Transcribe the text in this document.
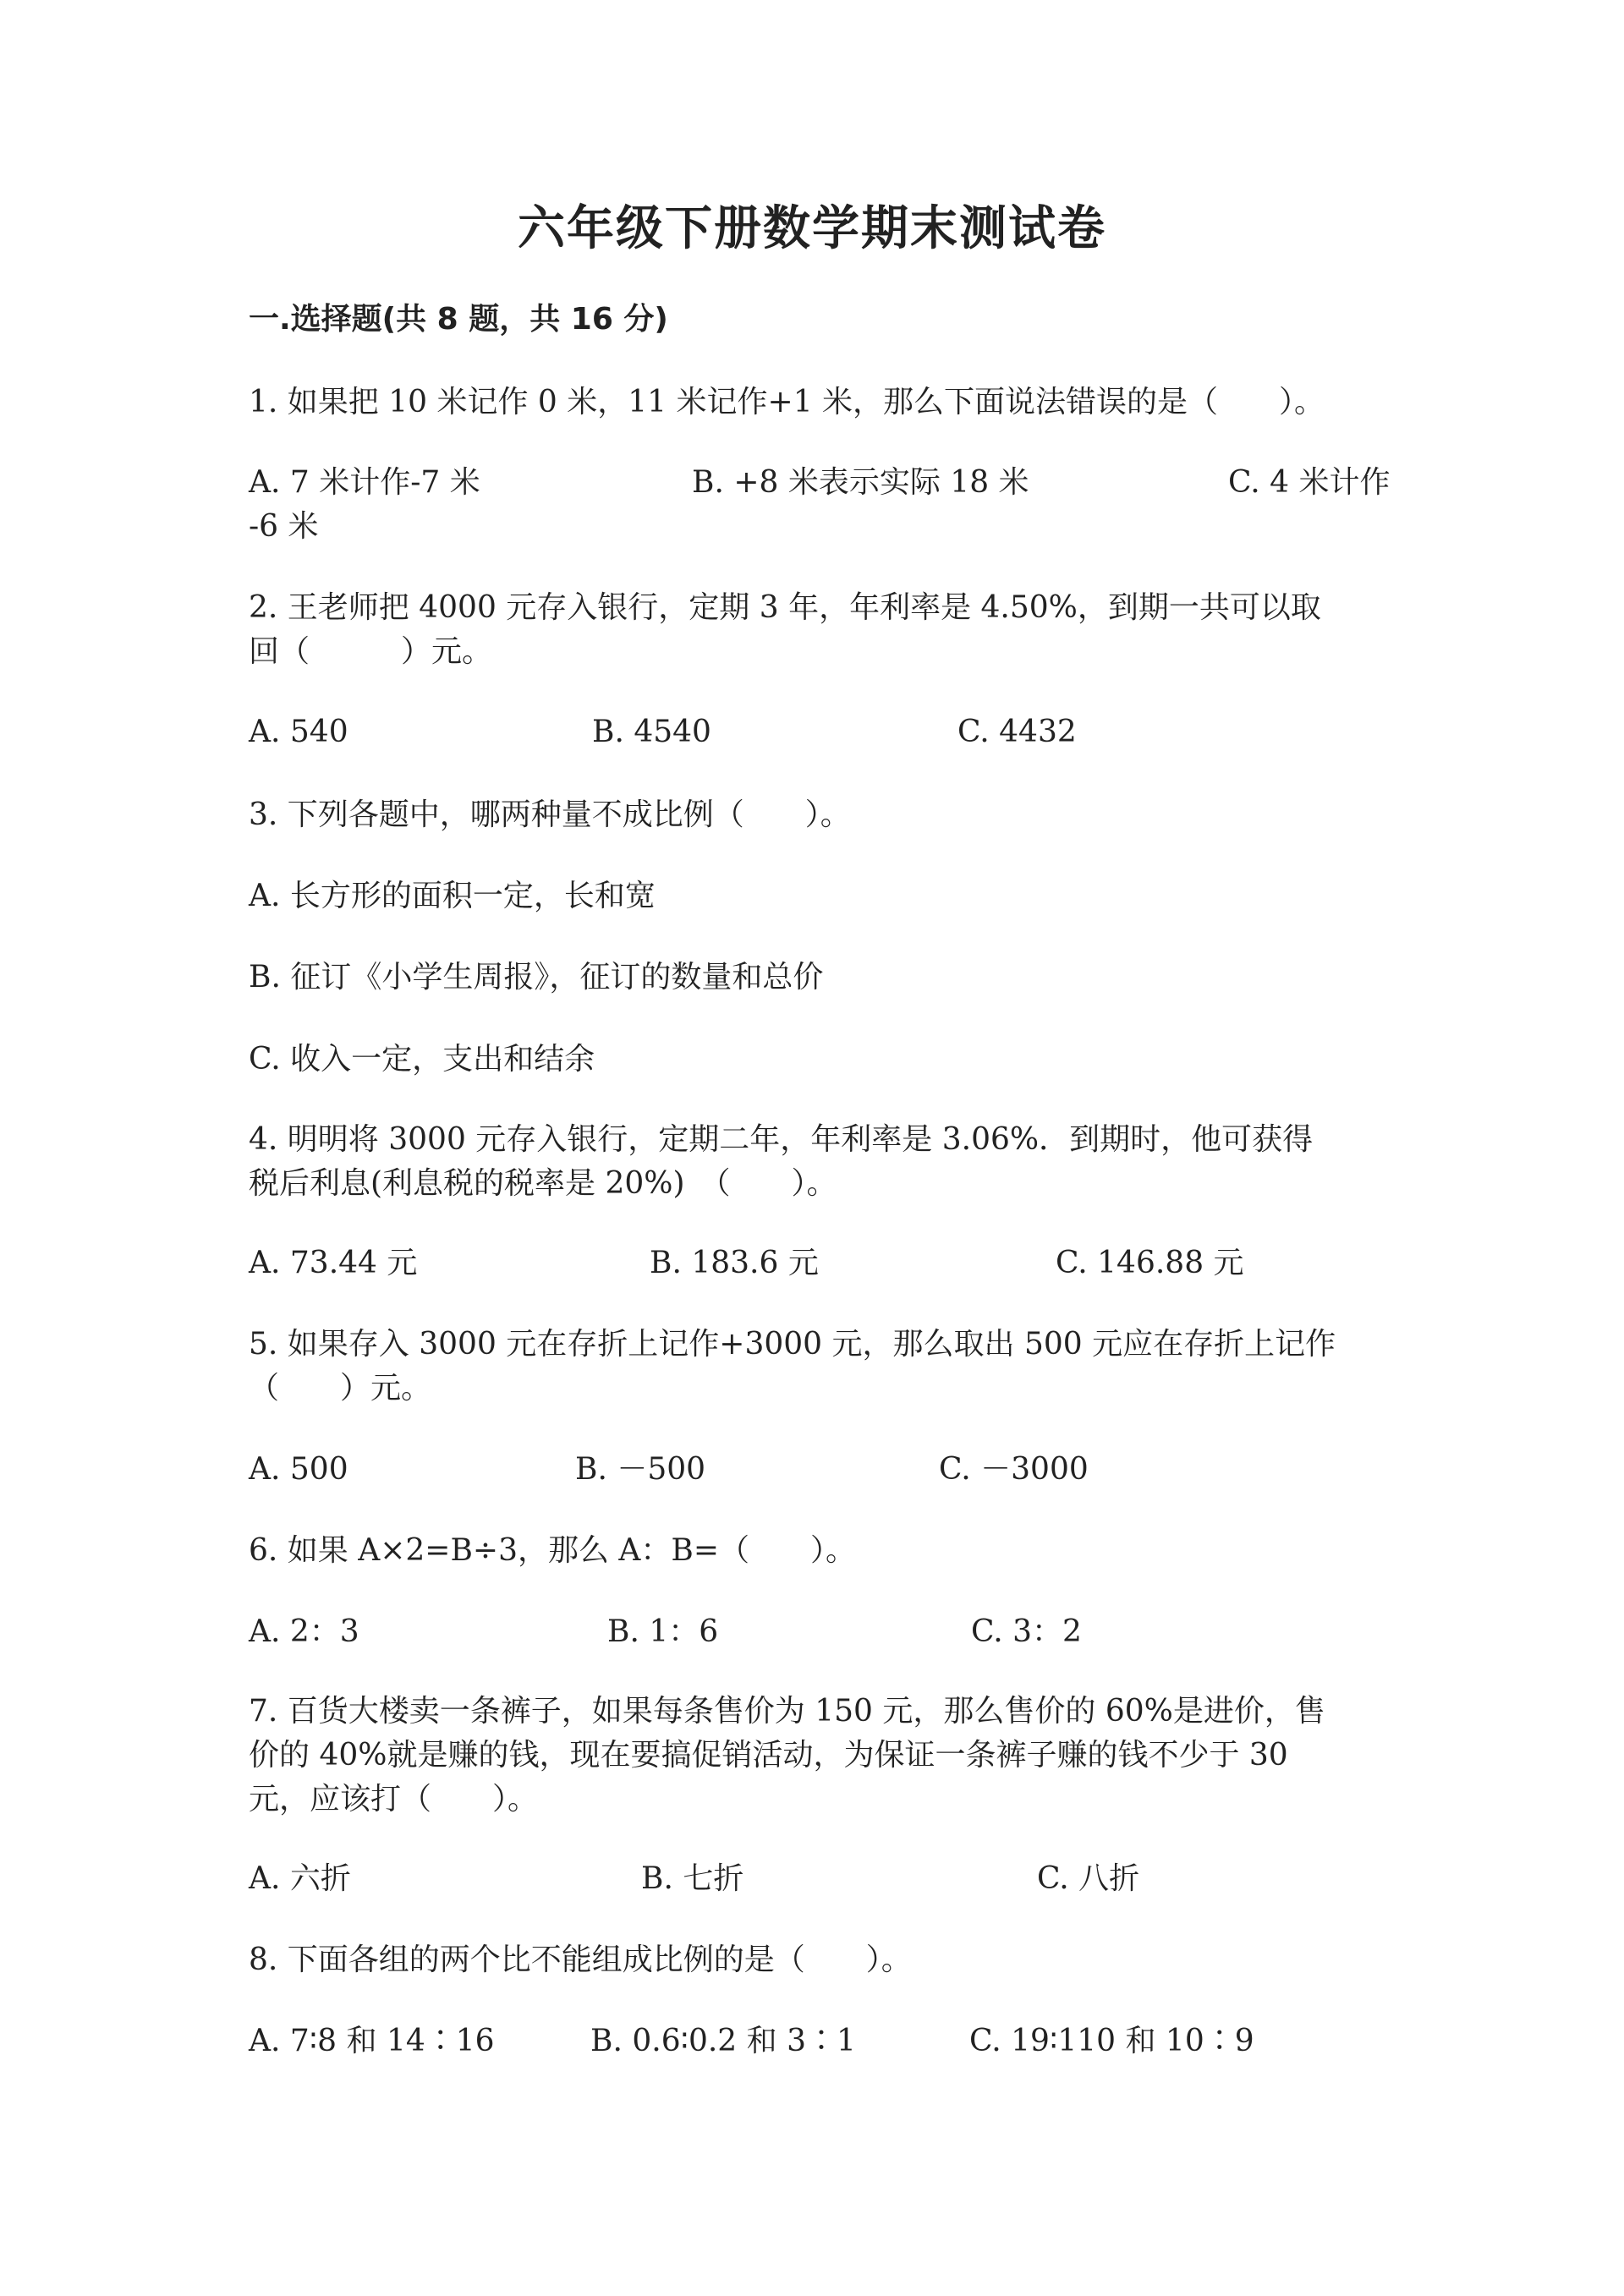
六年级下册数学期末测试卷
一.选择题(共 8 题，共 16 分)
1. 如果把 10 米记作 0 米，11 米记作+1 米，那么下面说法错误的是（　　）。
A. 7 米计作-7 米	B. +8 米表示实际 18 米	C. 4 米计作
-6 米
2. 王老师把 4000 元存入银行，定期 3 年，年利率是 4.50%，到期一共可以取
回（　　　）元。
A. 540	B. 4540	C. 4432
3. 下列各题中，哪两种量不成比例（　　）。
A. 长方形的面积一定，长和宽
B. 征订《小学生周报》，征订的数量和总价
C. 收入一定，支出和结余
4. 明明将 3000 元存入银行，定期二年，年利率是 3.06%．到期时，他可获得
税后利息(利息税的税率是 20%)　（　　）。
A. 73.44 元	B. 183.6 元	C. 146.88 元
5. 如果存入 3000 元在存折上记作+3000 元，那么取出 500 元应在存折上记作
（　　）元。
A. 500	B. －500	C. －3000
6. 如果 A×2=B÷3，那么 A：B=（　　）。
A. 2：3	B. 1：6	C. 3：2
7. 百货大楼卖一条裤子，如果每条售价为 150 元，那么售价的 60%是进价，售
价的 40%就是赚的钱，现在要搞促销活动，为保证一条裤子赚的钱不少于 30
元，应该打（　　）。
A. 六折	B. 七折	C. 八折
8. 下面各组的两个比不能组成比例的是（　　）。
A. 7∶8 和 14∶16	B. 0.6∶0.2 和 3∶1	C. 19∶110 和 10∶9
